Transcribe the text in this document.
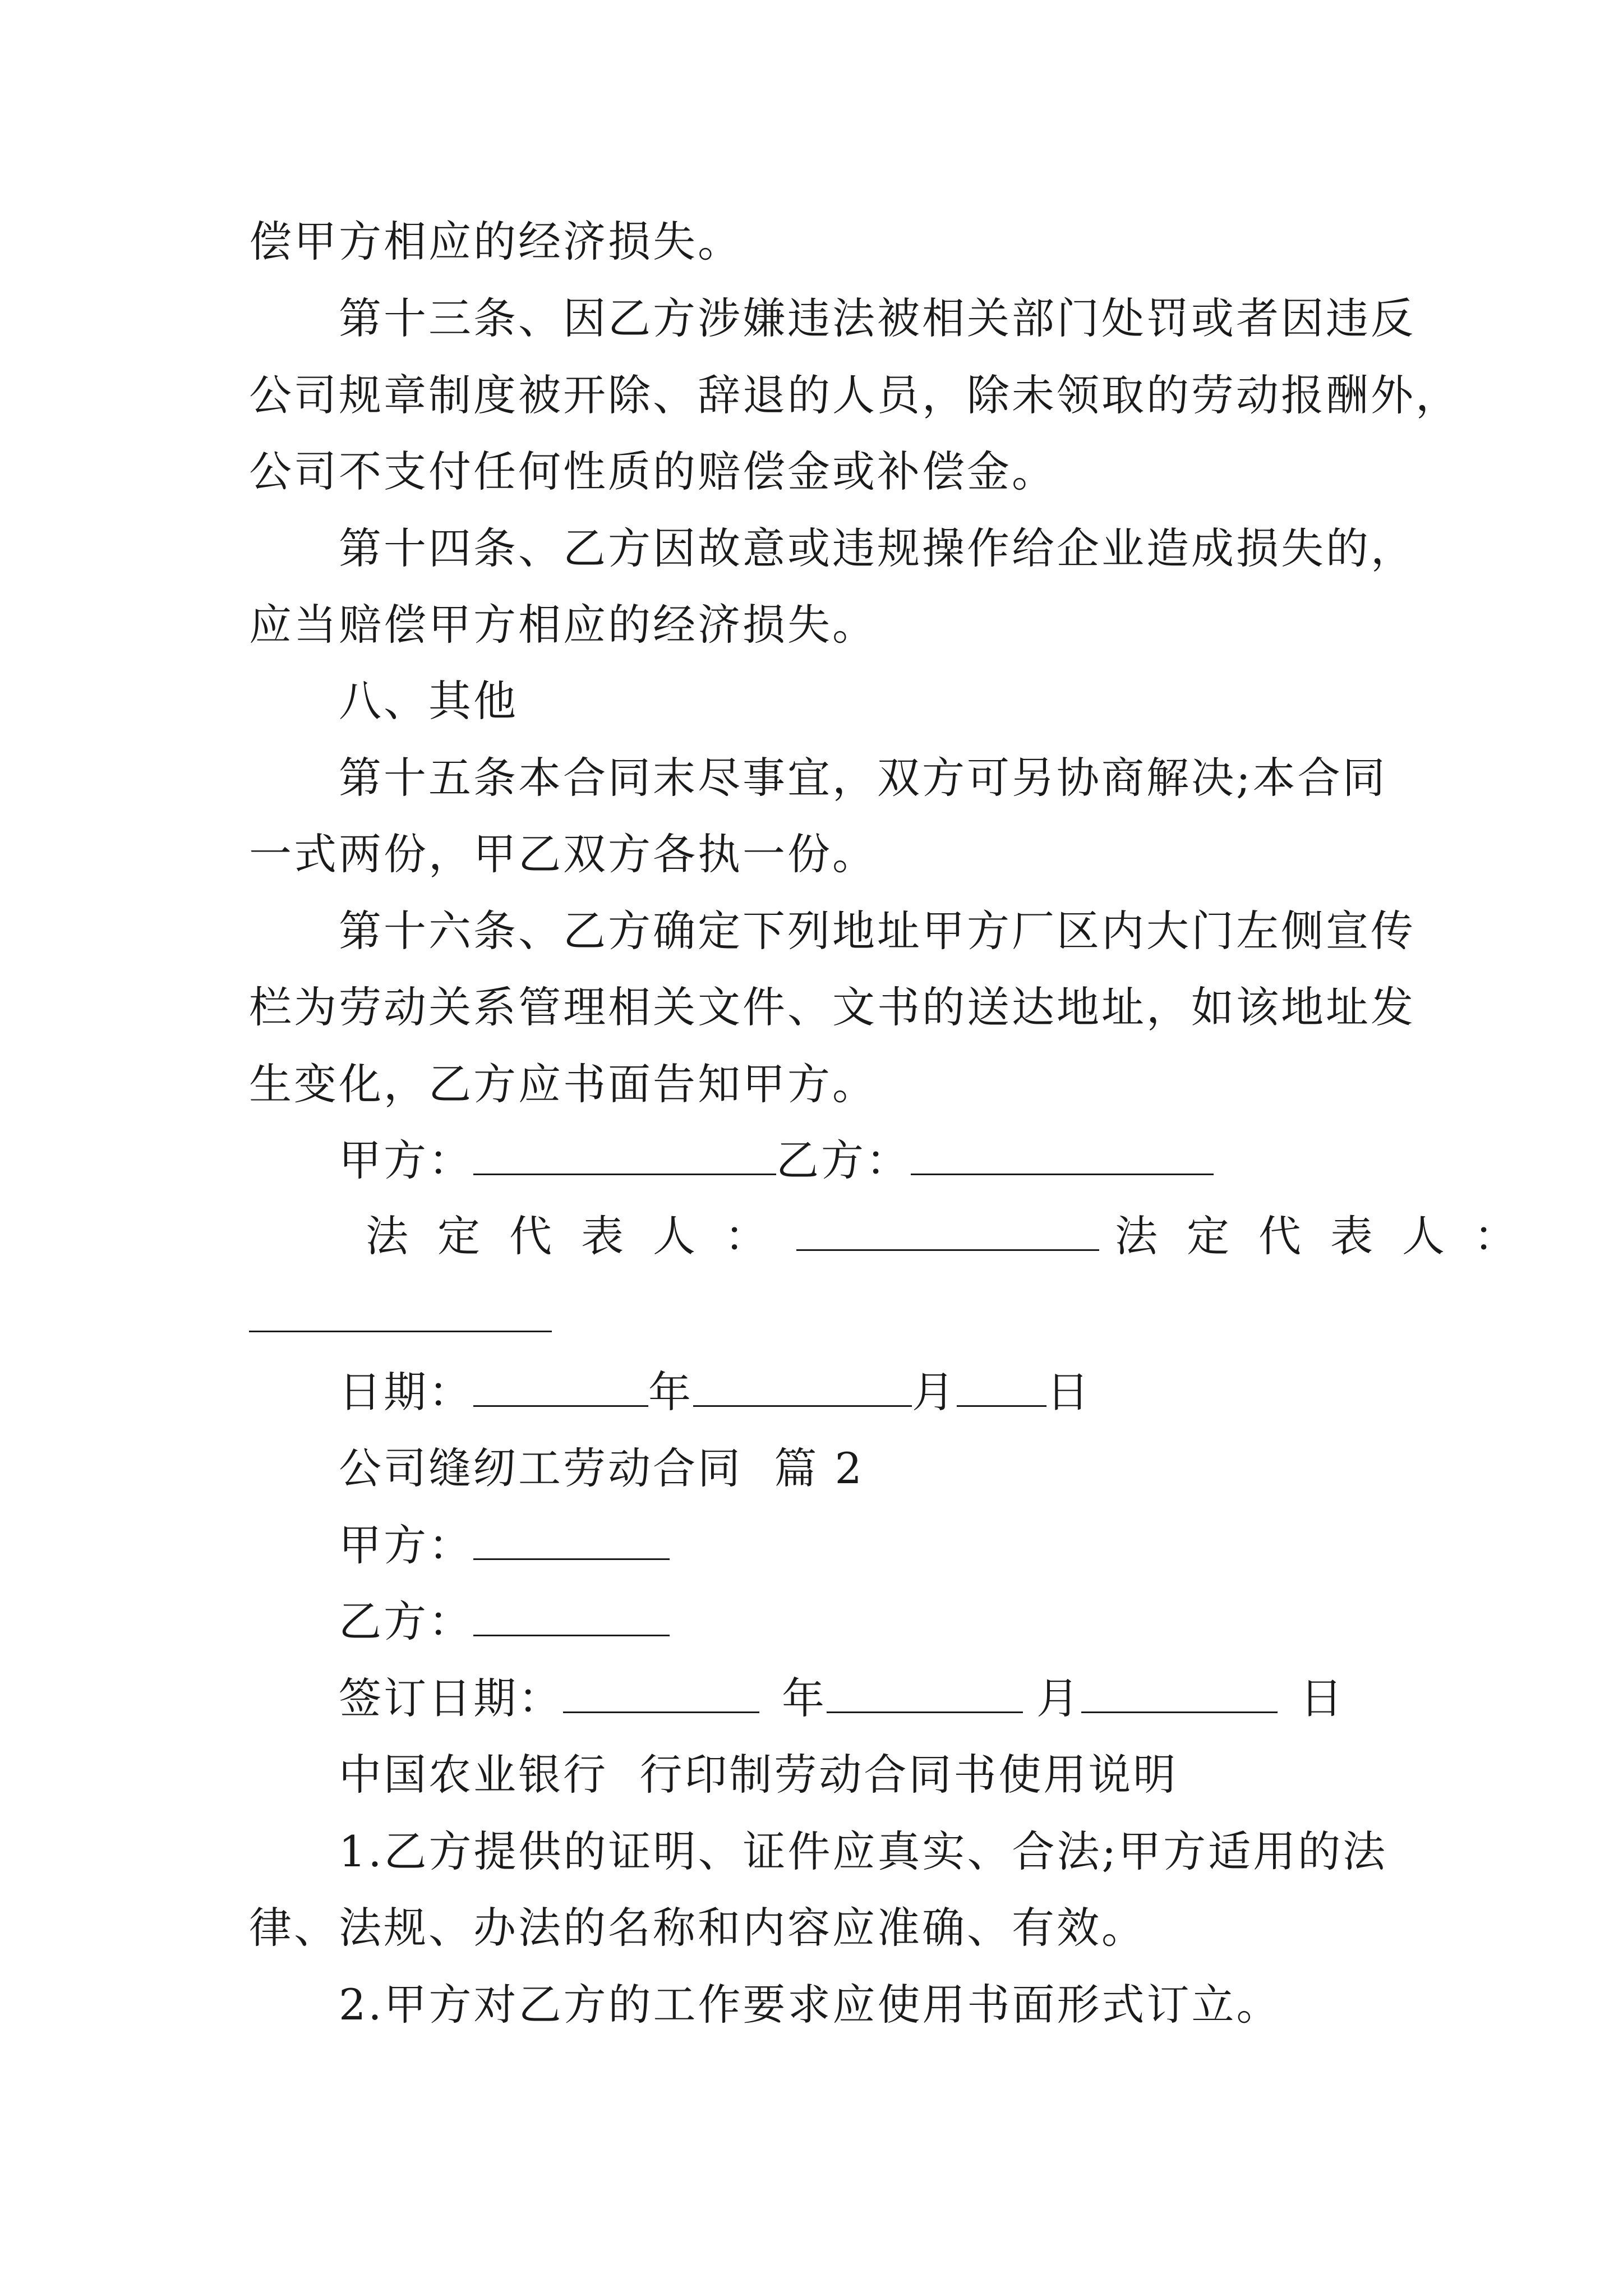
偿甲方相应的经济损失。
第十三条、因乙方涉嫌违法被相关部门处罚或者因违反
公司规章制度被开除、辞退的人员，除未领取的劳动报酬外，
公司不支付任何性质的赔偿金或补偿金。
第十四条、乙方因故意或违规操作给企业造成损失的，
应当赔偿甲方相应的经济损失。
八、其他
第十五条本合同末尽事宜，双方可另协商解决;本合同
一式两份，甲乙双方各执一份。
第十六条、乙方确定下列地址甲方厂区内大门左侧宣传
栏为劳动关系管理相关文件、文书的送达地址，如该地址发
生变化，乙方应书面告知甲方。
甲方：	乙方：
法定代表人：	法定代表人：
日期：	年	月 日
公司缝纫工劳动合同  篇 2
甲方：
乙方：
签订日期：	年	月	日
中国农业银行  行印制劳动合同书使用说明
1.乙方提供的证明、证件应真实、合法;甲方适用的法
律、法规、办法的名称和内容应准确、有效。
2.甲方对乙方的工作要求应使用书面形式订立。
